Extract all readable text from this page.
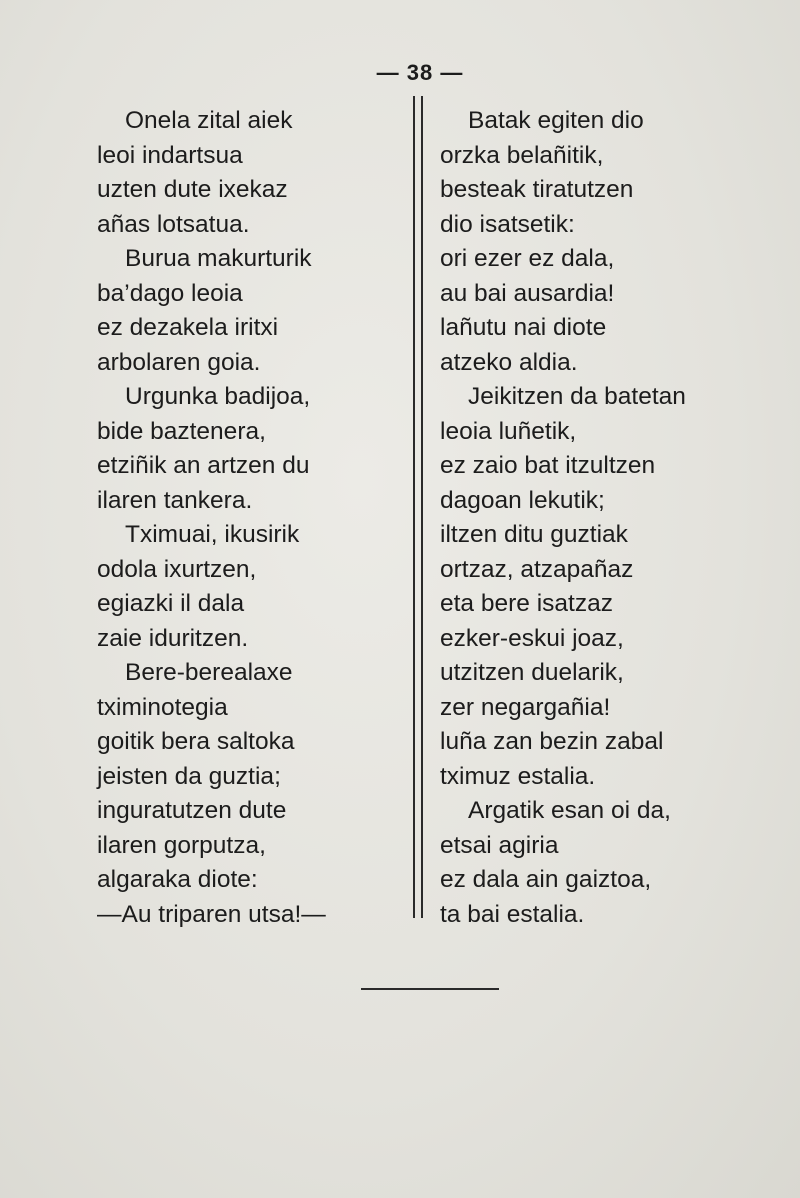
— 38 —
Onela zital aiek
leoi indartsua
uzten dute ixekaz
añas lotsatua.
Burua makurturik
ba’dago leoia
ez dezakela iritxi
arbolaren goia.
Urgunka badijoa,
bide baztenera,
etziñik an artzen du
ilaren tankera.
Tximuai, ikusirik
odola ixurtzen,
egiazki il dala
zaie iduritzen.
Bere-berealaxe
tximinotegia
goitik bera saltoka
jeisten da guztia;
inguratutzen dute
ilaren gorputza,
algaraka diote:
—Au triparen utsa!—
Batak egiten dio
orzka belañitik,
besteak tiratutzen
dio isatsetik:
ori ezer ez dala,
au bai ausardia!
lañutu nai diote
atzeko aldia.
Jeikitzen da batetan
leoia luñetik,
ez zaio bat itzultzen
dagoan lekutik;
iltzen ditu guztiak
ortzaz, atzapañaz
eta bere isatzaz
ezker-eskui joaz,
utzitzen duelarik,
zer negargañia!
luña zan bezin zabal
tximuz estalia.
Argatik esan oi da,
etsai agiria
ez dala ain gaiztoa,
ta bai estalia.
